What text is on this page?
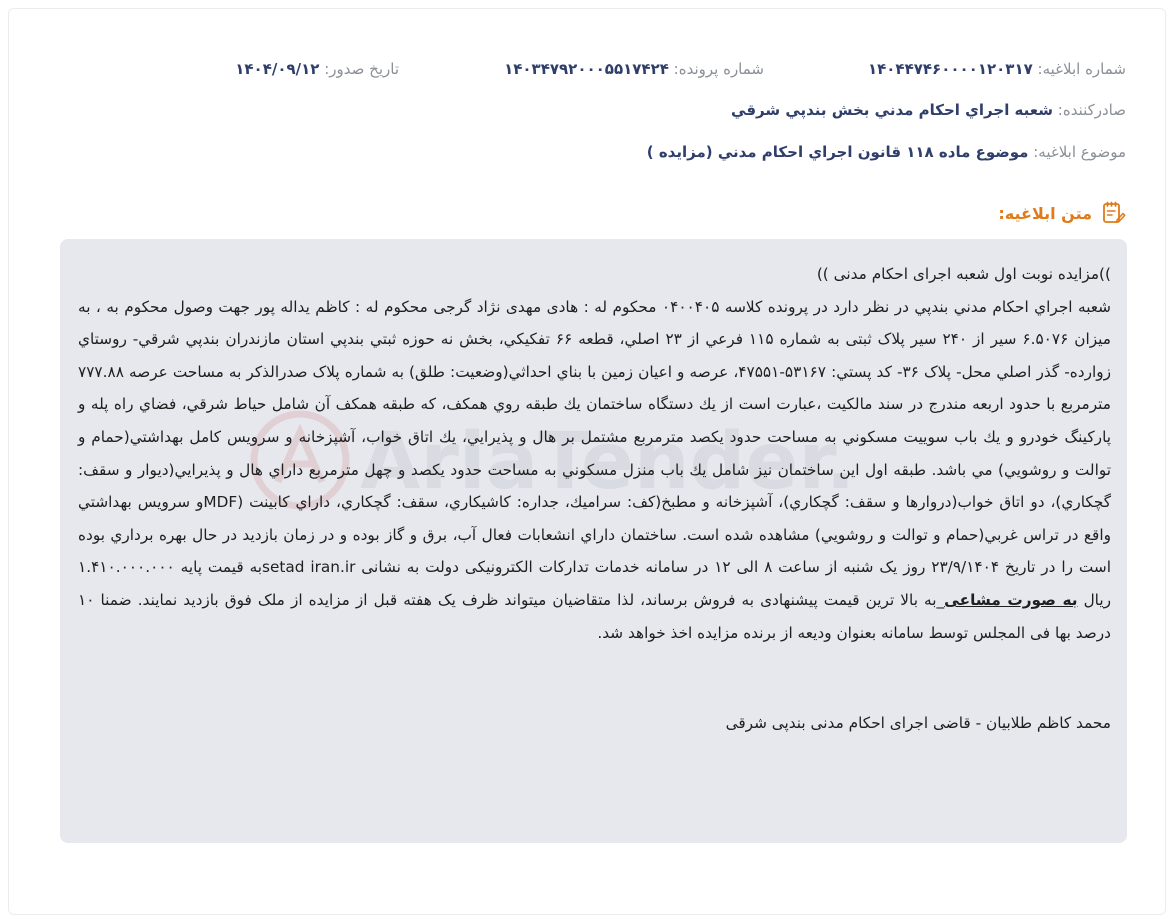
شماره ابلاغیه: ۱۴۰۴۴۷۴۶۰۰۰۰۱۲۰۳۱۷
شماره پرونده: ۱۴۰۳۴۷۹۲۰۰۰۵۵۱۷۴۲۴
تاریخ صدور: ۱۴۰۴/۰۹/۱۲
صادرکننده: شعبه اجراي احکام مدني بخش بندپي شرقي
موضوع ابلاغیه: موضوع ماده ۱۱۸ قانون اجراي احکام مدني (مزايده )
متن ابلاغیه:

))مزایده نوبت اول شعبه اجرای احکام مدنی ))

شعبه اجراي احکام مدني بندپي در نظر دارد در پرونده کلاسه ۰۴۰۰۴۰۵ محکوم له : هادی مهدی نژاد گرجی محکوم له : کاظم یداله پور جهت وصول محکوم به ، به میزان ۶.۵۰۷۶ سير از ۲۴۰ سير پلاک ثبتی به شماره ۱۱۵ فرعي از ۲۳ اصلي، قطعه ۶۶ تفکيکي، بخش نه حوزه ثبتي بندپي استان مازندران بندپي شرقي- روستاي زوارده- گذر اصلي محل- پلاک ۳۶- کد پستي: ۵۳۱۶۷-۴۷۵۵۱، عرصه و اعيان زمين با بناي احداثي(وضعيت: طلق) به شماره پلاک صدرالذکر به مساحت عرصه ۷۷۷.۸۸ مترمربع با حدود اربعه مندرج در سند مالکيت ،عبارت است از يك دستگاه ساختمان يك طبقه روي همكف، که طبقه همكف آن شامل حياط شرقي، فضاي راه پله و پارکينگ خودرو و يك باب سوييت مسکوني به مساحت حدود يکصد مترمربع مشتمل بر هال و پذيرايي، يك اتاق خواب، آشپزخانه و سرويس كامل بهداشتي(حمام و توالت و روشويي) مي باشد. طبقه اول اين ساختمان نيز شامل يك باب منزل مسکوني به مساحت حدود يکصد و چهل مترمربع داراي هال و پذيرايي(ديوار و سقف: گچكاري)، دو اتاق خواب(دروارها و سقف: گچكاري)، آشپزخانه و مطبخ(كف: سراميك، جداره: کاشيكاري، سقف: گچكاري، داراي کابينت (MDFو سرويس بهداشتي واقع در تراس غربي(حمام و توالت و روشويي) مشاهده شده است. ساختمان داراي انشعابات فعال آب، برق و گاز بوده و در زمان بازديد در حال بهره برداري بوده است را در تاریخ ۲۳/۹/۱۴۰۴ روز یک شنبه از ساعت ۸ الی ۱۲ در سامانه خدمات تدارکات الکترونیکی دولت به نشانی setad iran.irبه قیمت پایه ۱.۴۱۰.۰۰۰.۰۰۰ ریال به صورت مشاعی_به بالا ترین قیمت پیشنهادی به فروش برساند، لذا متقاضیان میتواند ظرف یک هفته قبل از مزایده از ملک فوق بازدید نمایند. ضمنا ۱۰ درصد بها فی المجلس توسط سامانه بعنوان ودیعه از برنده مزایده اخذ خواهد شد.

محمد کاظم طلابیان - قاضی اجرای احکام مدنی بندپی شرقی
